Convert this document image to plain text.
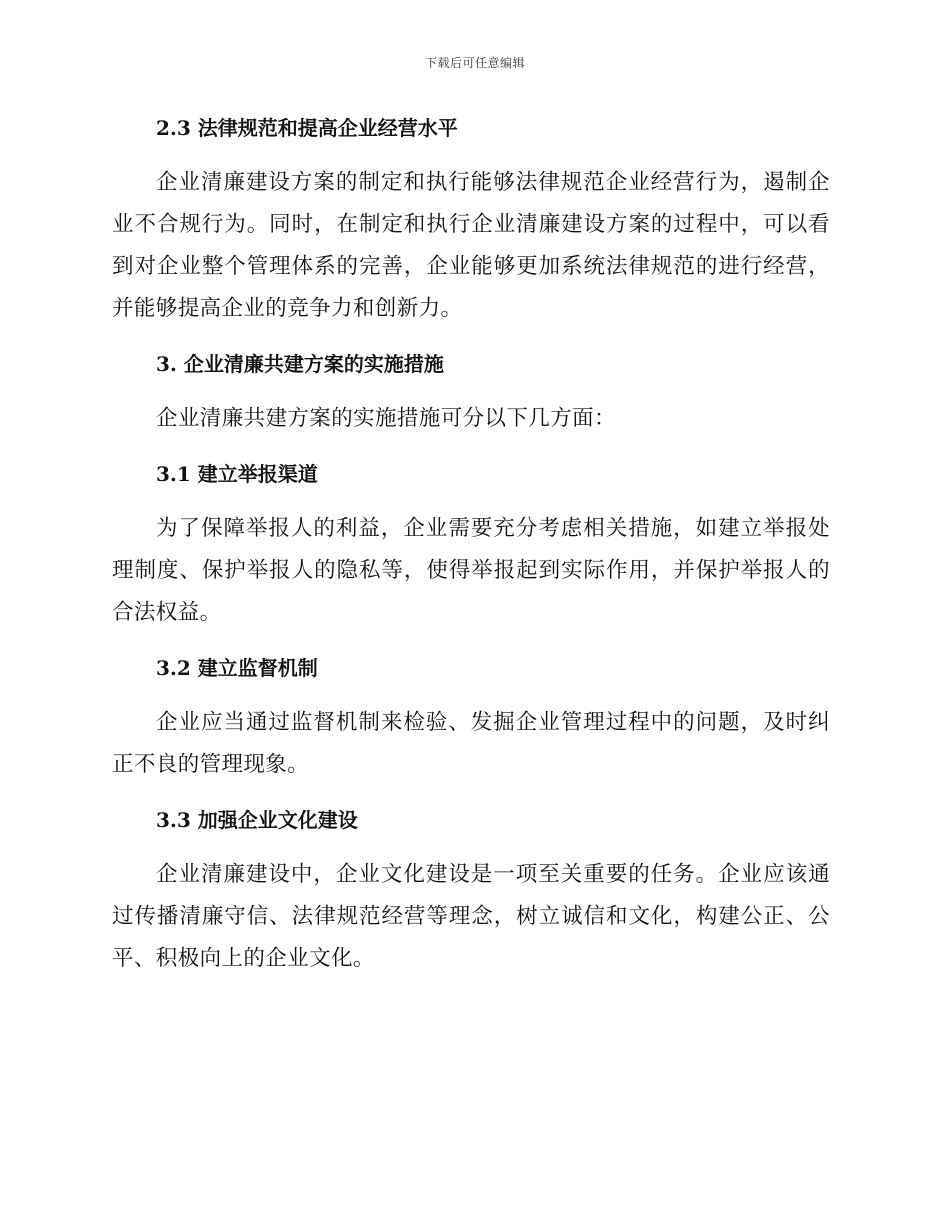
下载后可任意编辑
2.3 法律规范和提高企业经营水平

企业清廉建设方案的制定和执行能够法律规范企业经营行为，遏制企业不合规行为。同时，在制定和执行企业清廉建设方案的过程中，可以看到对企业整个管理体系的完善，企业能够更加系统法律规范的进行经营，并能够提高企业的竞争力和创新力。

3. 企业清廉共建方案的实施措施

企业清廉共建方案的实施措施可分以下几方面：

3.1 建立举报渠道

为了保障举报人的利益，企业需要充分考虑相关措施，如建立举报处理制度、保护举报人的隐私等，使得举报起到实际作用，并保护举报人的合法权益。

3.2 建立监督机制

企业应当通过监督机制来检验、发掘企业管理过程中的问题，及时纠正不良的管理现象。

3.3 加强企业文化建设

企业清廉建设中，企业文化建设是一项至关重要的任务。企业应该通过传播清廉守信、法律规范经营等理念，树立诚信和文化，构建公正、公平、积极向上的企业文化。
